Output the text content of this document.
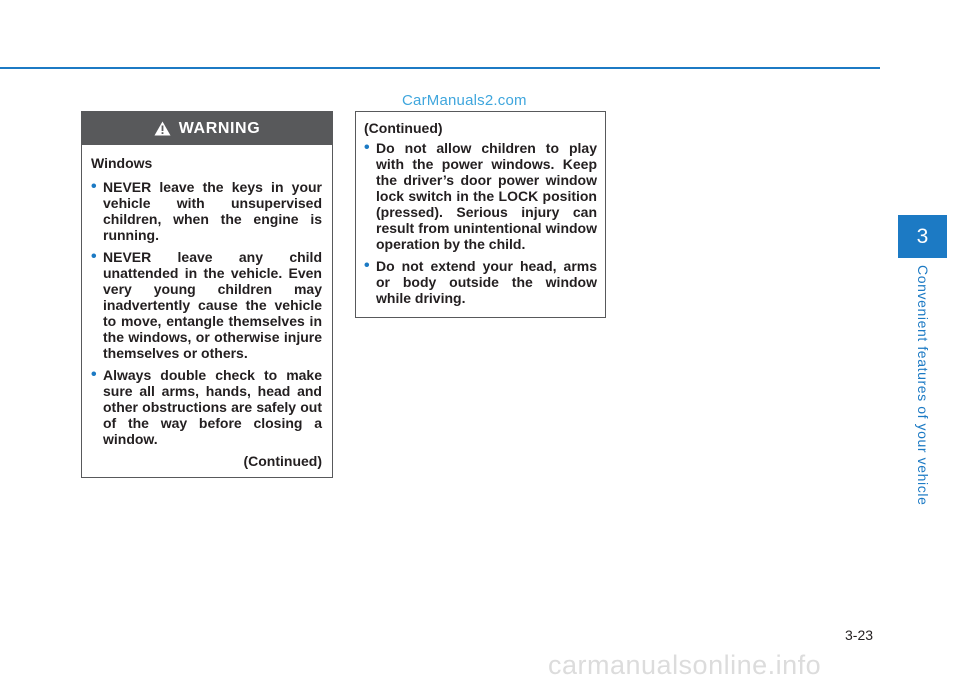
CarManuals2.com
WARNING
Windows
• NEVER leave the keys in your vehicle with unsupervised children, when the engine is running.
• NEVER leave any child unattended in the vehicle. Even very young children may inadvertently cause the vehicle to move, entangle themselves in the windows, or otherwise injure themselves or others.
• Always double check to make sure all arms, hands, head and other obstructions are safely out of the way before closing a window.
(Continued)
(Continued)
• Do not allow children to play with the power windows. Keep the driver’s door power window lock switch in the LOCK position (pressed). Serious injury can result from unintentional window operation by the child.
• Do not extend your head, arms or body outside the window while driving.
3
Convenient features of your vehicle
3-23
carmanualsonline.info
